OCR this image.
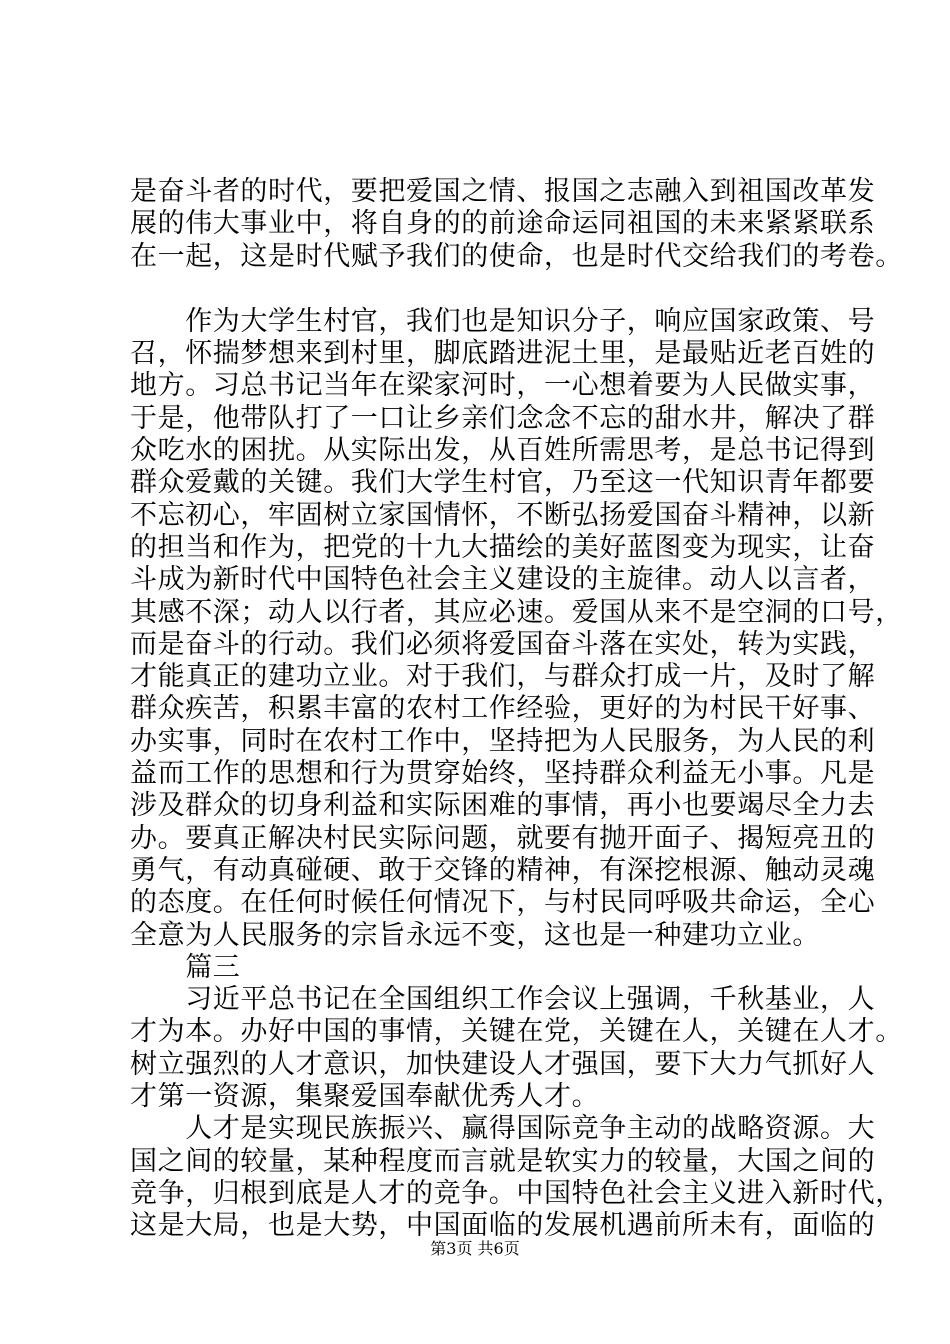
是奋斗者的时代，要把爱国之情、报国之志融入到祖国改革发
展的伟大事业中，将自身的的前途命运同祖国的未来紧紧联系
在一起，这是时代赋予我们的使命，也是时代交给我们的考卷。
　　作为大学生村官，我们也是知识分子，响应国家政策、号
召，怀揣梦想来到村里，脚底踏进泥土里，是最贴近老百姓的
地方。习总书记当年在梁家河时，一心想着要为人民做实事，
于是，他带队打了一口让乡亲们念念不忘的甜水井，解决了群
众吃水的困扰。从实际出发，从百姓所需思考，是总书记得到
群众爱戴的关键。我们大学生村官，乃至这一代知识青年都要
不忘初心，牢固树立家国情怀，不断弘扬爱国奋斗精神，以新
的担当和作为，把党的十九大描绘的美好蓝图变为现实，让奋
斗成为新时代中国特色社会主义建设的主旋律。动人以言者，
其感不深；动人以行者，其应必速。爱国从来不是空洞的口号，
而是奋斗的行动。我们必须将爱国奋斗落在实处，转为实践，
才能真正的建功立业。对于我们，与群众打成一片，及时了解
群众疾苦，积累丰富的农村工作经验，更好的为村民干好事、
办实事，同时在农村工作中，坚持把为人民服务，为人民的利
益而工作的思想和行为贯穿始终，坚持群众利益无小事。凡是
涉及群众的切身利益和实际困难的事情，再小也要竭尽全力去
办。要真正解决村民实际问题，就要有抛开面子、揭短亮丑的
勇气，有动真碰硬、敢于交锋的精神，有深挖根源、触动灵魂
的态度。在任何时候任何情况下，与村民同呼吸共命运，全心
全意为人民服务的宗旨永远不变，这也是一种建功立业。
　　篇三
　　习近平总书记在全国组织工作会议上强调，千秋基业，人
才为本。办好中国的事情，关键在党，关键在人，关键在人才。
树立强烈的人才意识，加快建设人才强国，要下大力气抓好人
才第一资源，集聚爱国奉献优秀人才。
　　人才是实现民族振兴、赢得国际竞争主动的战略资源。大
国之间的较量，某种程度而言就是软实力的较量，大国之间的
竞争，归根到底是人才的竞争。中国特色社会主义进入新时代，
这是大局，也是大势，中国面临的发展机遇前所未有，面临的
第3页 共6页
